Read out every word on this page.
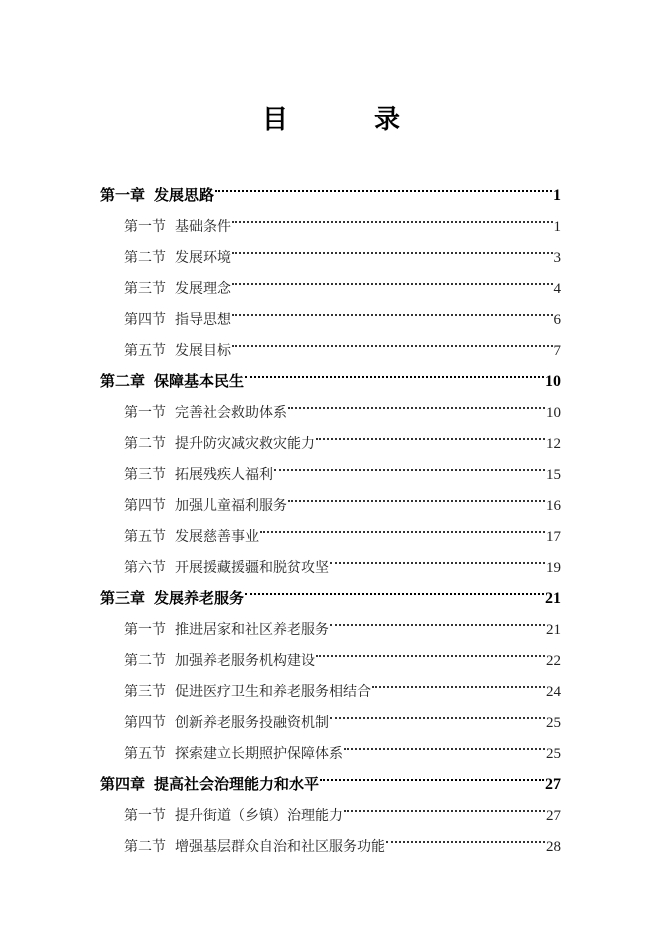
目　录
第一章 发展思路	1
第一节 基础条件	1
第二节 发展环境	3
第三节 发展理念	4
第四节 指导思想	6
第五节 发展目标	7
第二章 保障基本民生	10
第一节 完善社会救助体系	10
第二节 提升防灾减灾救灾能力	12
第三节 拓展残疾人福利	15
第四节 加强儿童福利服务	16
第五节 发展慈善事业	17
第六节 开展援藏援疆和脱贫攻坚	19
第三章 发展养老服务	21
第一节 推进居家和社区养老服务	21
第二节 加强养老服务机构建设	22
第三节 促进医疗卫生和养老服务相结合	24
第四节 创新养老服务投融资机制	25
第五节 探索建立长期照护保障体系	25
第四章 提高社会治理能力和水平	27
第一节 提升街道（乡镇）治理能力	27
第二节 增强基层群众自治和社区服务功能	28
